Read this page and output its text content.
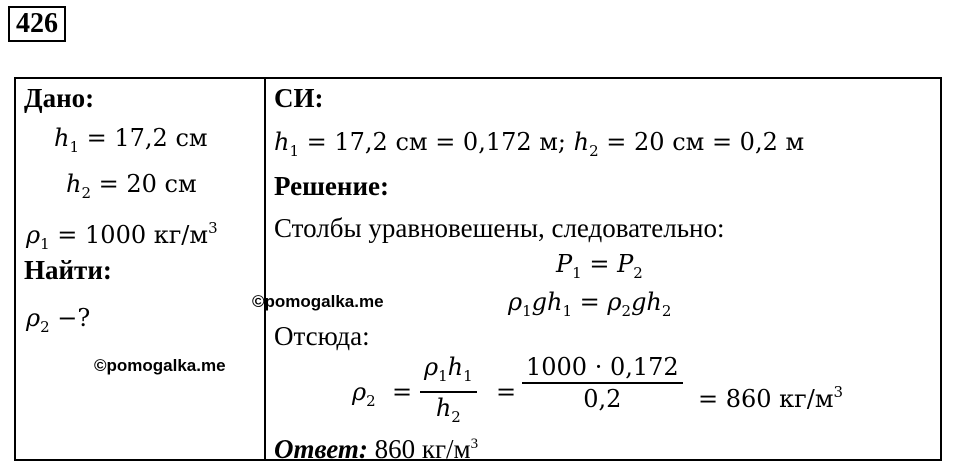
426
Дано:
$h_1 = 17,2$ см
$h_2 = 20$ см
$\rho_1 = 1000$ $кг/м^3$
Найти:
$\rho_2$ −?
©pomogalka.me
©pomogalka.me
СИ:
$h_1 = 17,2$ см = 0,172 м; $h_2 = 20$ см = 0,2 м
Решение:
Столбы уравновешены, следовательно:
$P_1 = P_2$
$\rho_1gh_1 = \rho_2gh_2$
Отсюда:
$\rho_2$ =
$\rho_1h_1$
$h_2$
=
1000 · 0,172
0,2	= 860 $кг/м^3$
Ответ: 860 $кг/м^3$
